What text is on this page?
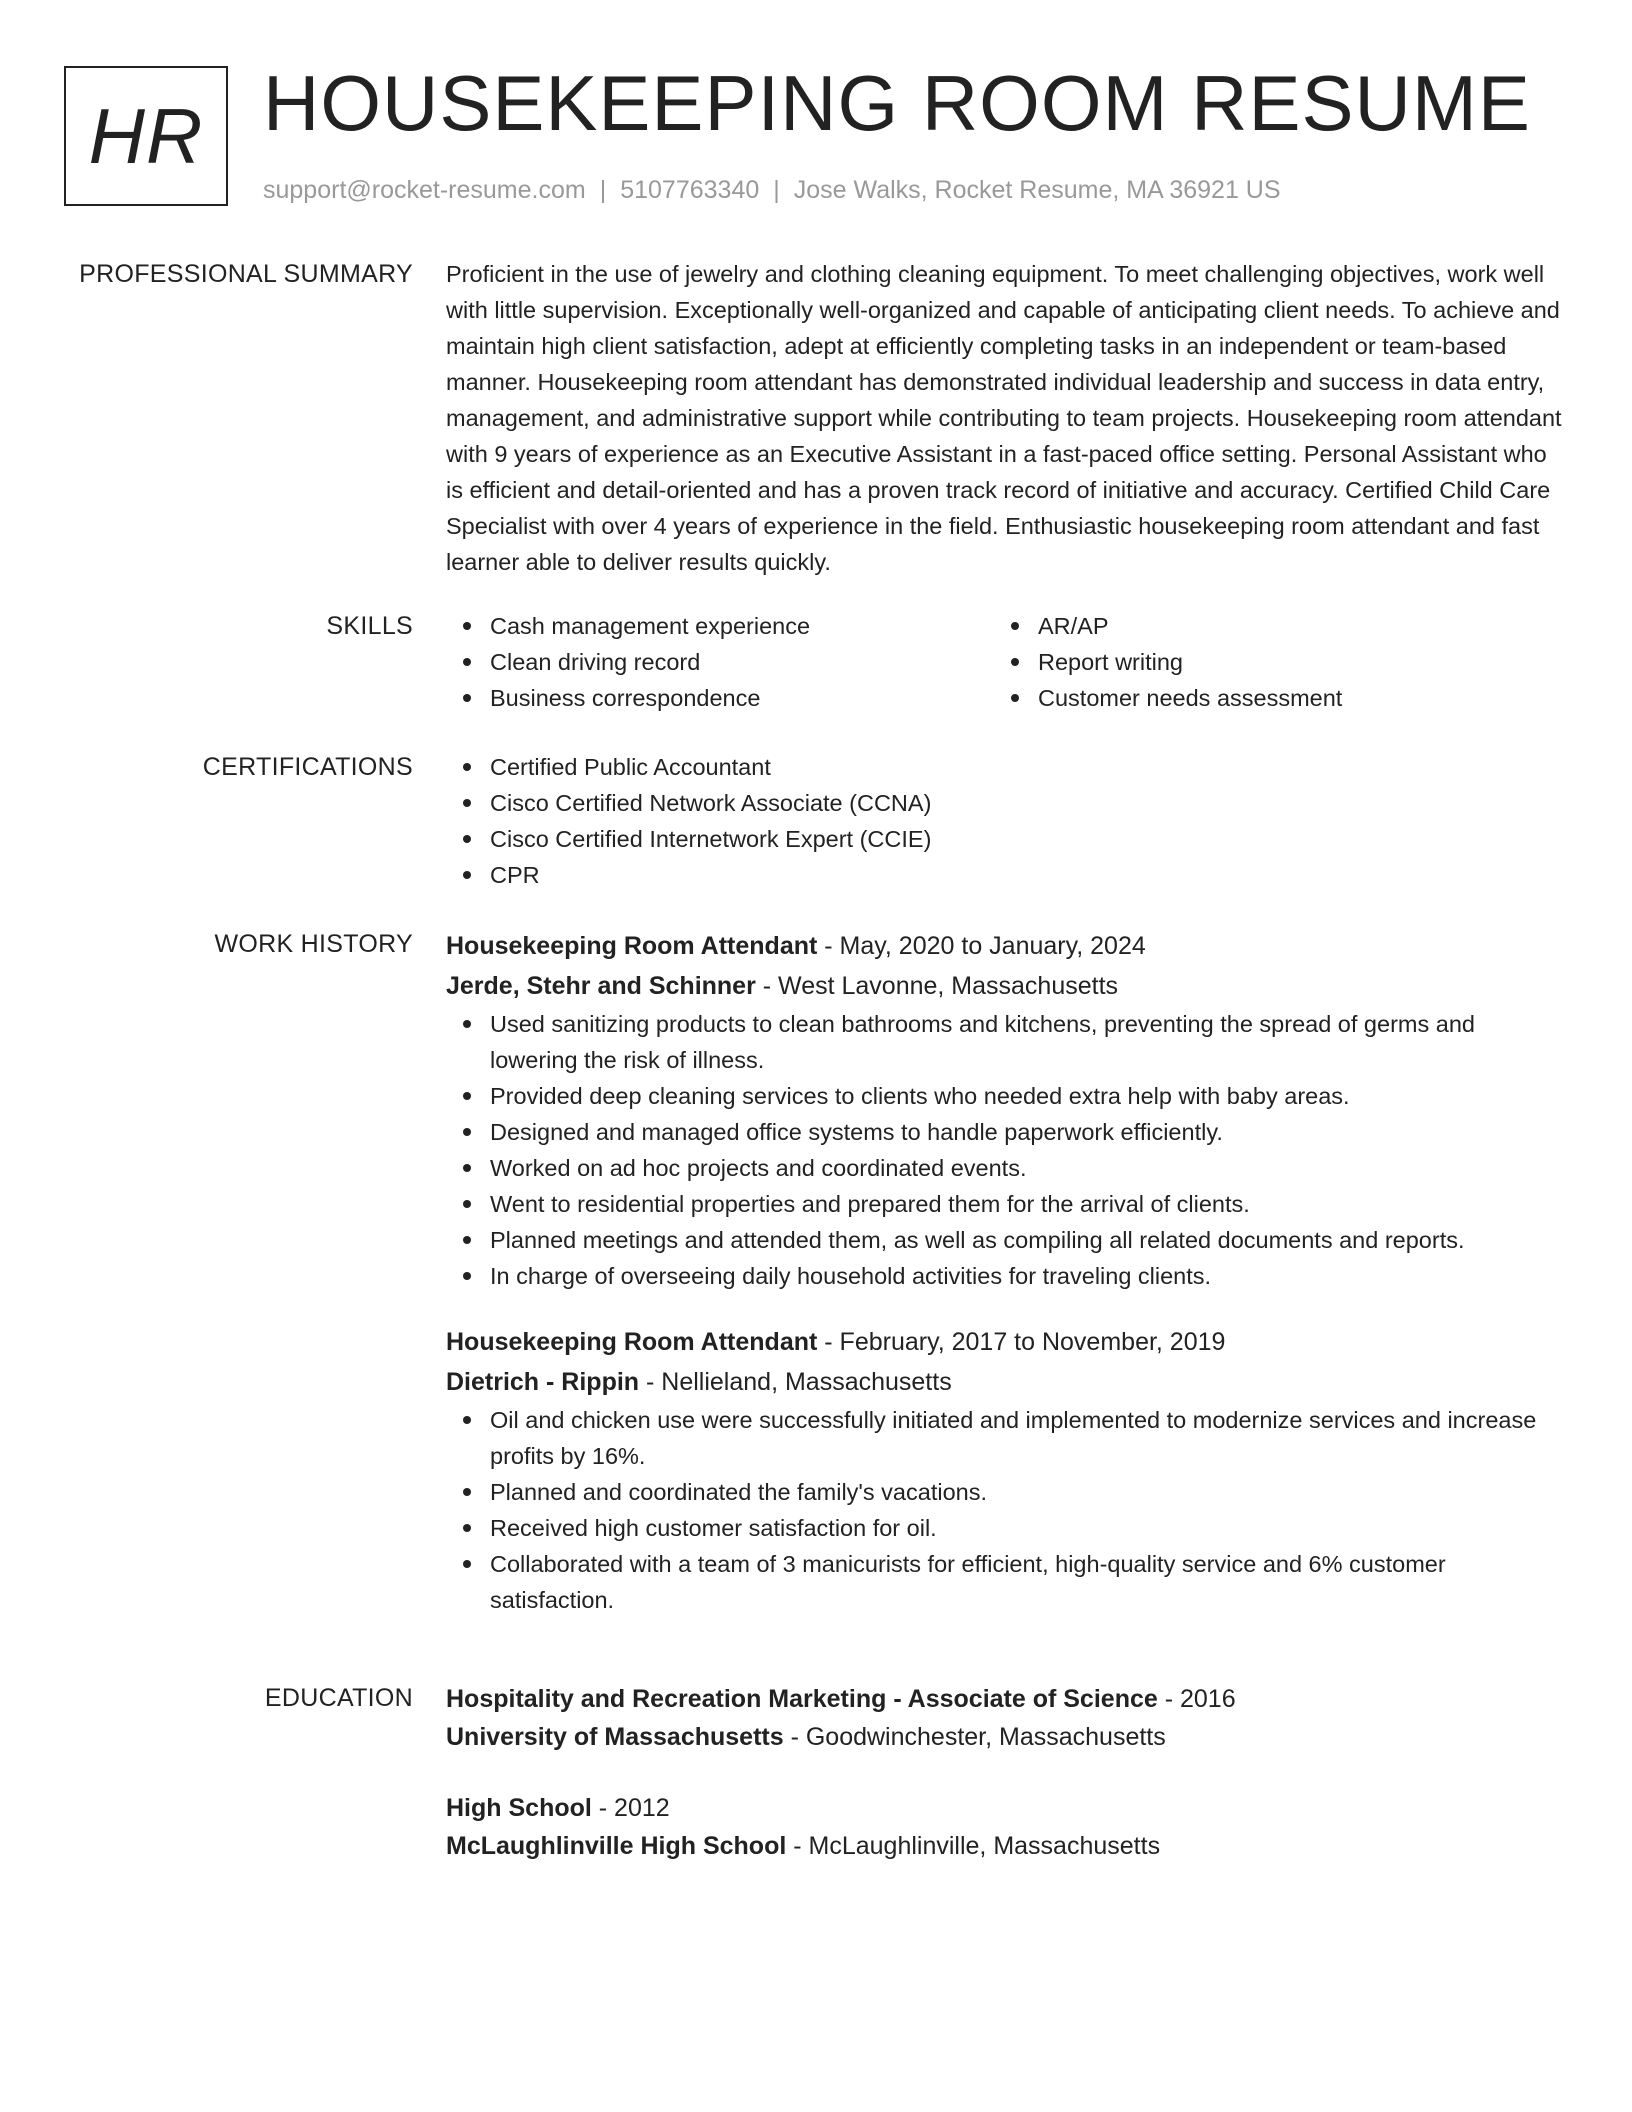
HR HOUSEKEEPING ROOM RESUME
support@rocket-resume.com | 5107763340 | Jose Walks, Rocket Resume, MA 36921 US
PROFESSIONAL SUMMARY Proficient in the use of jewelry and clothing cleaning equipment. To meet challenging objectives, work well with little supervision. Exceptionally well-organized and capable of anticipating client needs. To achieve and maintain high client satisfaction, adept at efficiently completing tasks in an independent or team-based manner. Housekeeping room attendant has demonstrated individual leadership and success in data entry, management, and administrative support while contributing to team projects. Housekeeping room attendant with 9 years of experience as an Executive Assistant in a fast-paced office setting. Personal Assistant who is efficient and detail-oriented and has a proven track record of initiative and accuracy. Certified Child Care Specialist with over 4 years of experience in the field. Enthusiastic housekeeping room attendant and fast learner able to deliver results quickly.

SKILLS	Cash management experience
Clean driving record
Business correspondence
AR/AP
Report writing
Customer needs assessment
CERTIFICATIONS	Certified Public Accountant
Cisco Certified Network Associate (CCNA)
Cisco Certified Internetwork Expert (CCIE)
CPR
WORK HISTORY Housekeeping Room Attendant - May, 2020 to January, 2024
Jerde, Stehr and Schinner - West Lavonne, Massachusetts
Used sanitizing products to clean bathrooms and kitchens, preventing the spread of germs and lowering the risk of illness.
Provided deep cleaning services to clients who needed extra help with baby areas.
Designed and managed office systems to handle paperwork efficiently.
Worked on ad hoc projects and coordinated events.
Went to residential properties and prepared them for the arrival of clients.
Planned meetings and attended them, as well as compiling all related documents and reports.
In charge of overseeing daily household activities for traveling clients.
Housekeeping Room Attendant - February, 2017 to November, 2019
Dietrich - Rippin - Nellieland, Massachusetts
Oil and chicken use were successfully initiated and implemented to modernize services and increase profits by 16%.
Planned and coordinated the family's vacations.
Received high customer satisfaction for oil.
Collaborated with a team of 3 manicurists for efficient, high-quality service and 6% customer satisfaction.
EDUCATION Hospitality and Recreation Marketing - Associate of Science - 2016
University of Massachusetts - Goodwinchester, Massachusetts
High School - 2012
McLaughlinville High School - McLaughlinville, Massachusetts
